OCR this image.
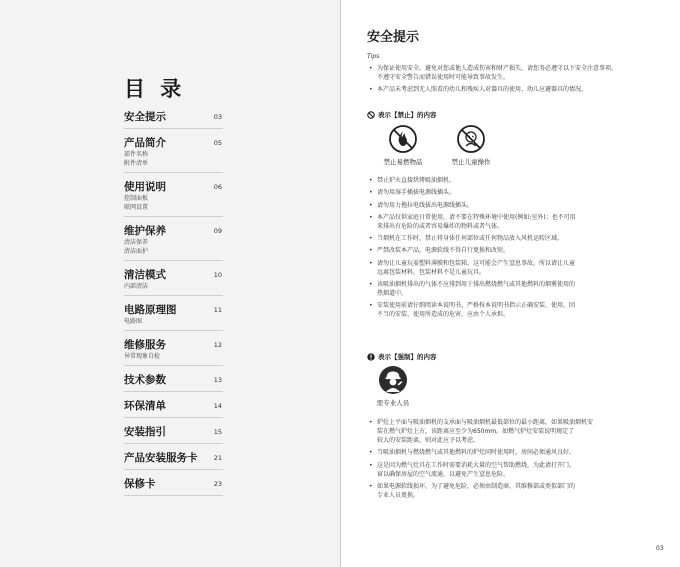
目 录
安全提示	03
产品简介	05
部件名称
附件清单
使用说明	06
控制面板
联网设置
维护保养	09
清洁保养
清洁面护
清洁模式	10
内部清洁
电路原理图	11
电路图
维修服务	12
异常现象自检
技术参数	13
环保清单	14
安装指引	15
产品安装服务卡	21
保修卡	23
安全提示
Tips
• 为保证使用安全，避免对您或他人造成伤害和财产损失，请您务必遵守以下安全注意事项。
不遵守安全警告而错误使用时可能导致事故发生。
• 本产品未考虑到无人照看的幼儿和残疾人对器具的使用、幼儿应避器具的情况。
表示【禁止】的内容
禁止易燃物品	禁止儿童操作
• 禁止炉火直接烘烤吸油烟机。
• 请勿用湿手插拔电源线插头。
• 请勿用力拖拉电线拔出电源线插头。
• 本产品仅供家庭日常使用，请不要在特殊环境中使用(例如:室外)；也不可用
来排出有危险的或者容易爆炸的物料或者气体。
• 当烟机在工作时，禁止将身体任何部位或任何物品放入风机运转区域。
• 严禁改装本产品，电源软线不得自行更换和改短。
• 请勿让儿童玩耍塑料薄膜和包装箱，这可能会产生窒息事故。所以请让儿童
远离包装材料，包装材料不是儿童玩具。
• 该吸油烟机排出的气体不应排到用于排出燃烧燃气或其他燃料的烟雾使用的
热烟道中。
• 安装使用前请仔细阅读本说明书，严格按本说明书指示正确安装、使用，因
不当的安装、使用所造成的危害，应由个人承担。
表示【强制】的内容
需专业人员
• 炉灶上平面与吸油烟机的支承面与吸油烟机最低部位的最小距离，如果吸油烟机安
装在燃气炉灶上方，该距离应至少为650mm。如燃气炉灶安装说明规定了
较大的安装距离，则对此应予以考虑。
• 当吸油烟机与燃烧燃气或其他燃料的炉灶同时使用时，房间必须通风良好。
• 这是因为燃气灶具在工作时需要消耗大量的空气帮助燃烧，为此请打开门、
窗以确保房屋的空气流通，以避免产生窒息危险。
• 如果电源软线损坏，为了避免危险，必须由制造商、其维修部或类似部门的
专业人员更换。
03
